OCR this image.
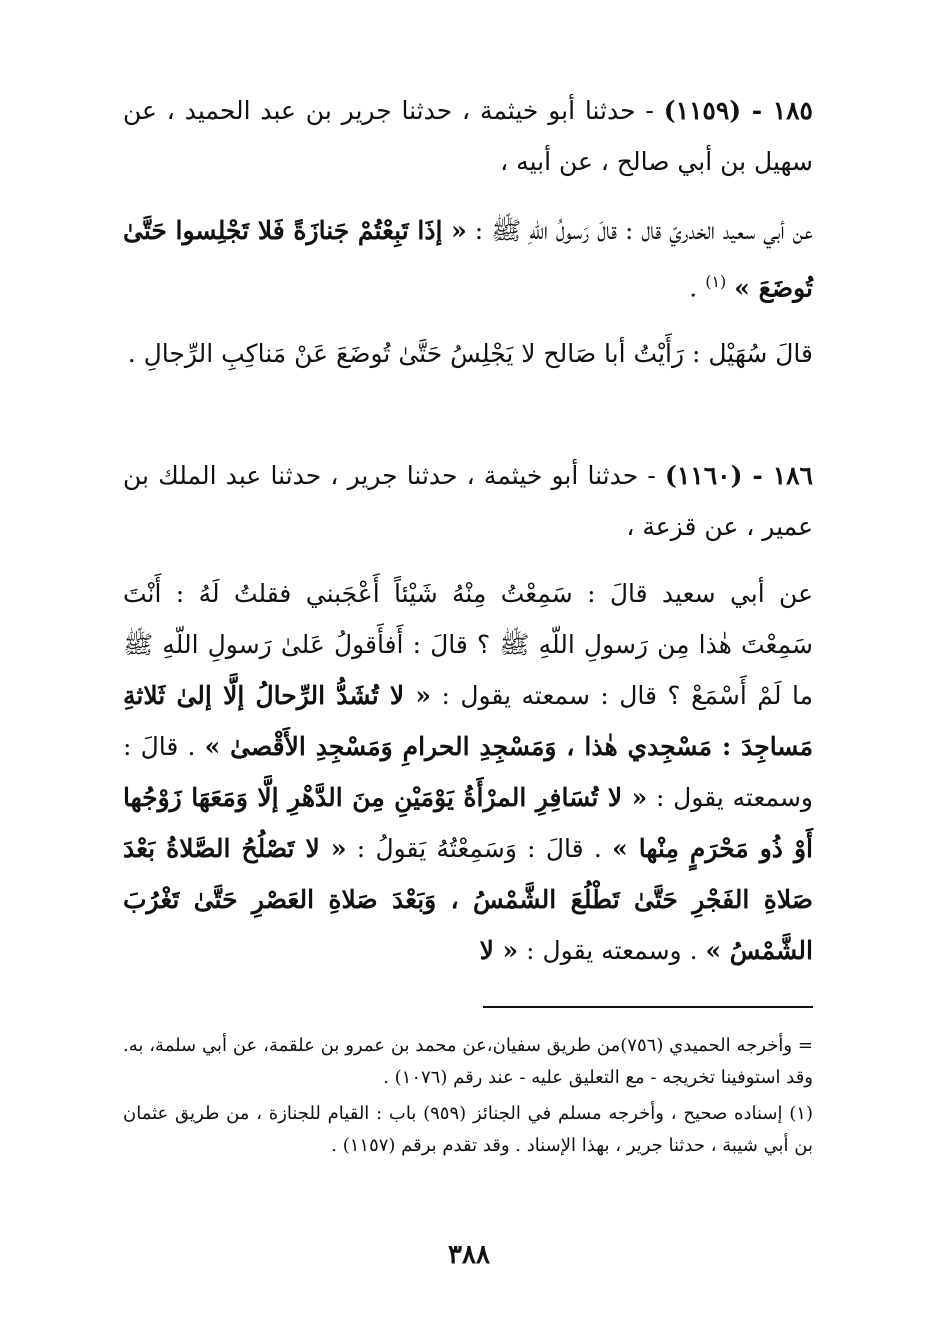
١٨٥ - (١١٥٩) - حدثنا أبو خيثمة ، حدثنا جرير بن عبد الحميد ، عن سهيل بن أبي صالح ، عن أبيه ،
عن أبي سعيد الخدريّ قال : قالَ رَسولُ اللّهِ ﷺ : « إذَا تَبِعْتُمْ جَنازَةً فَلا تَجْلِسوا حَتَّىٰ تُوضَعَ » $^{(١)}$ .
قالَ سُهَيْل : رَأَيْتُ أبا صَالح لا يَجْلِسُ حَتَّىٰ تُوضَعَ عَنْ مَناكِبِ الرِّجالِ .
١٨٦ - (١١٦٠) - حدثنا أبو خيثمة ، حدثنا جرير ، حدثنا عبد الملك بن عمير ، عن قزعة ،
عن أبي سعيد قالَ : سَمِعْتُ مِنْهُ شَيْئاً أَعْجَبني فقلتُ لَهُ : أَنْتَ سَمِعْتَ هٰذا مِن رَسولِ اللّهِ ﷺ ؟ قالَ : أَفأَقولُ عَلىٰ رَسولِ اللّهِ ﷺ ما لَمْ أَسْمَعْ ؟ قال : سمعته يقول : « لا تُشَدُّ الرِّحالُ إلَّا إلىٰ ثَلاثةِ مَساجِدَ : مَسْجِدي هٰذا ، وَمَسْجِدِ الحرامِ وَمَسْجِدِ الأَقْصىٰ » . قالَ : وسمعته يقول : « لا تُسَافِرِ المرْأَةُ يَوْمَيْنِ مِنَ الدَّهْرِ إلَّا وَمَعَهَا زَوْجُها أَوْ ذُو مَحْرَمٍ مِنْها » . قالَ : وَسَمِعْتُهُ يَقولُ : « لا تَصْلُحُ الصَّلاةُ بَعْدَ صَلاةِ الفَجْرِ حَتَّىٰ تَطْلُعَ الشَّمْسُ ، وَبَعْدَ صَلاةِ العَصْرِ حَتَّىٰ تَغْرُبَ الشَّمْسُ » . وسمعته يقول : « لا

= وأخرجه الحميدي (٧٥٦)من طريق سفيان،عن محمد بن عمرو بن علقمة، عن أبي سلمة، به. وقد استوفينا تخريجه - مع التعليق عليه - عند رقم (١٠٧٦) .

(١) إسناده صحيح ، وأخرجه مسلم في الجنائز (٩٥٩) باب : القيام للجنازة ، من طريق عثمان بن أبي شيبة ، حدثنا جرير ، بهذا الإسناد . وقد تقدم برقم (١١٥٧) .

٣٨٨
